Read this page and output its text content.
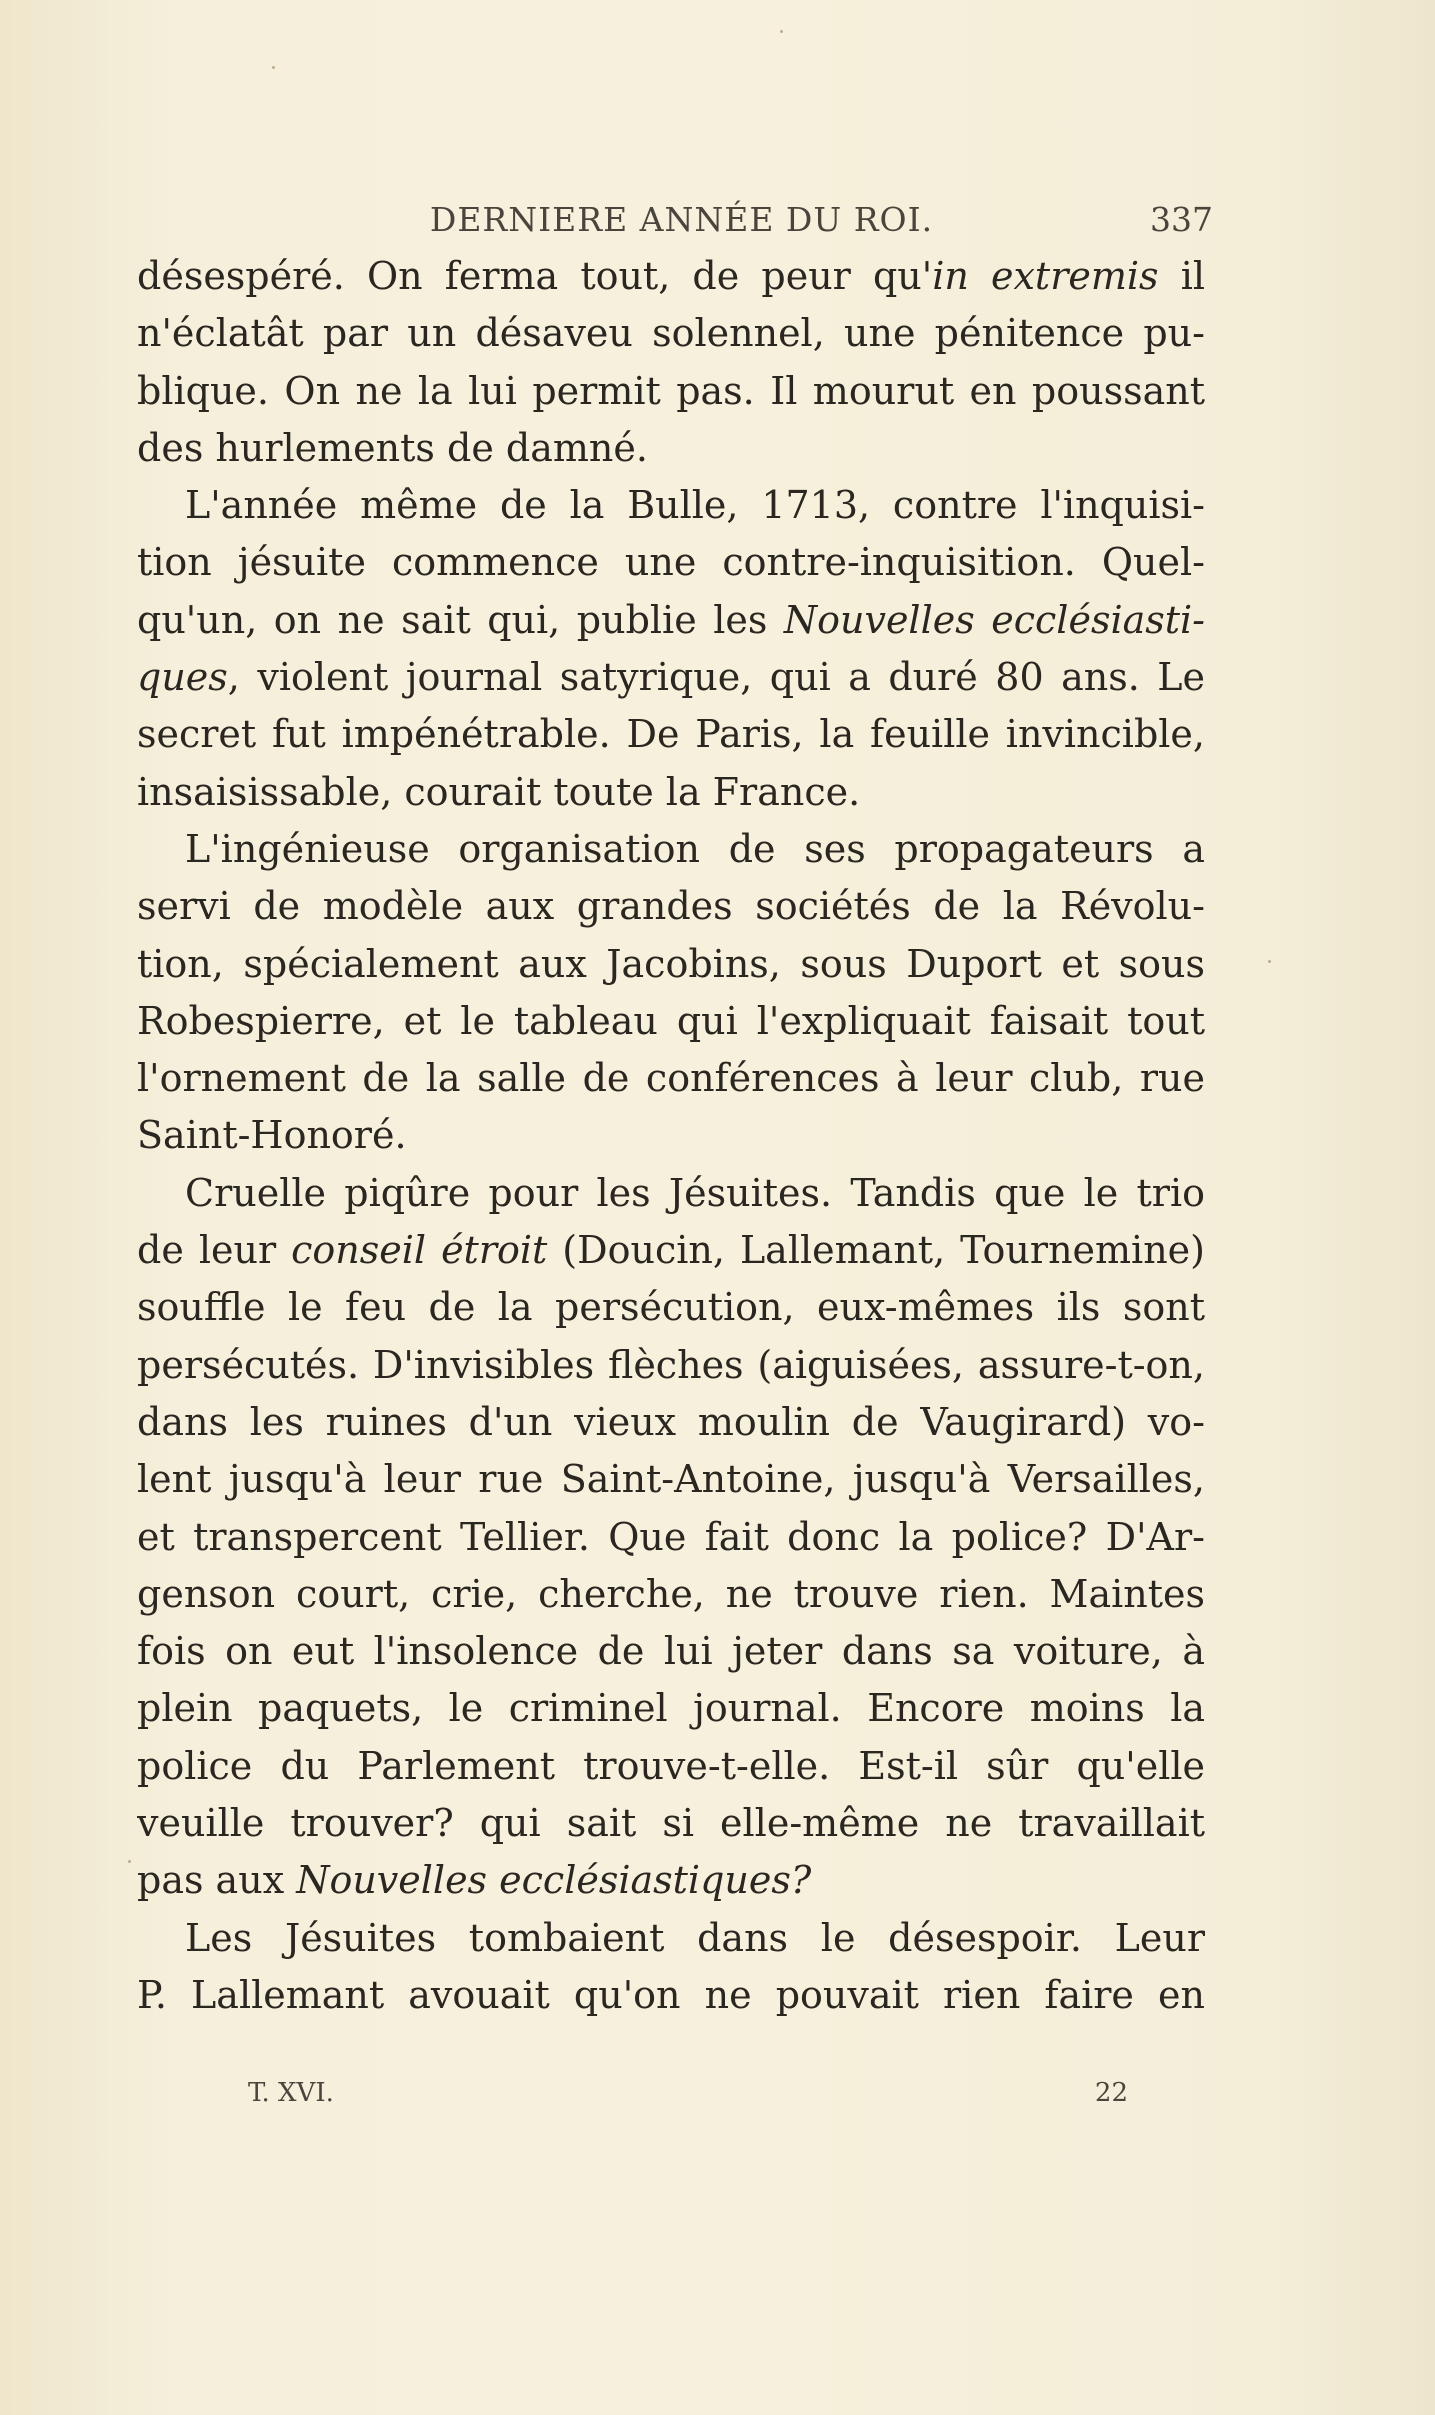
DERNIERE ANNÉE DU ROI.	337
désespéré. On ferma tout, de peur qu'in extremis il
n'éclatât par un désaveu solennel, une pénitence pu-
blique. On ne la lui permit pas. Il mourut en poussant
des hurlements de damné.
L'année même de la Bulle, 1713, contre l'inquisi-
tion jésuite commence une contre-inquisition. Quel-
qu'un, on ne sait qui, publie les Nouvelles ecclésiasti-
ques, violent journal satyrique, qui a duré 80 ans. Le
secret fut impénétrable. De Paris, la feuille invincible,
insaisissable, courait toute la France.
L'ingénieuse organisation de ses propagateurs a
servi de modèle aux grandes sociétés de la Révolu-
tion, spécialement aux Jacobins, sous Duport et sous
Robespierre, et le tableau qui l'expliquait faisait tout
l'ornement de la salle de conférences à leur club, rue
Saint-Honoré.
Cruelle piqûre pour les Jésuites. Tandis que le trio
de leur conseil étroit (Doucin, Lallemant, Tournemine)
souffle le feu de la persécution, eux-mêmes ils sont
persécutés. D'invisibles flèches (aiguisées, assure-t-on,
dans les ruines d'un vieux moulin de Vaugirard) vo-
lent jusqu'à leur rue Saint-Antoine, jusqu'à Versailles,
et transpercent Tellier. Que fait donc la police? D'Ar-
genson court, crie, cherche, ne trouve rien. Maintes
fois on eut l'insolence de lui jeter dans sa voiture, à
plein paquets, le criminel journal. Encore moins la
police du Parlement trouve-t-elle. Est-il sûr qu'elle
veuille trouver? qui sait si elle-même ne travaillait
pas aux Nouvelles ecclésiastiques?
Les Jésuites tombaient dans le désespoir. Leur
P. Lallemant avouait qu'on ne pouvait rien faire en
T. XVI.	22
